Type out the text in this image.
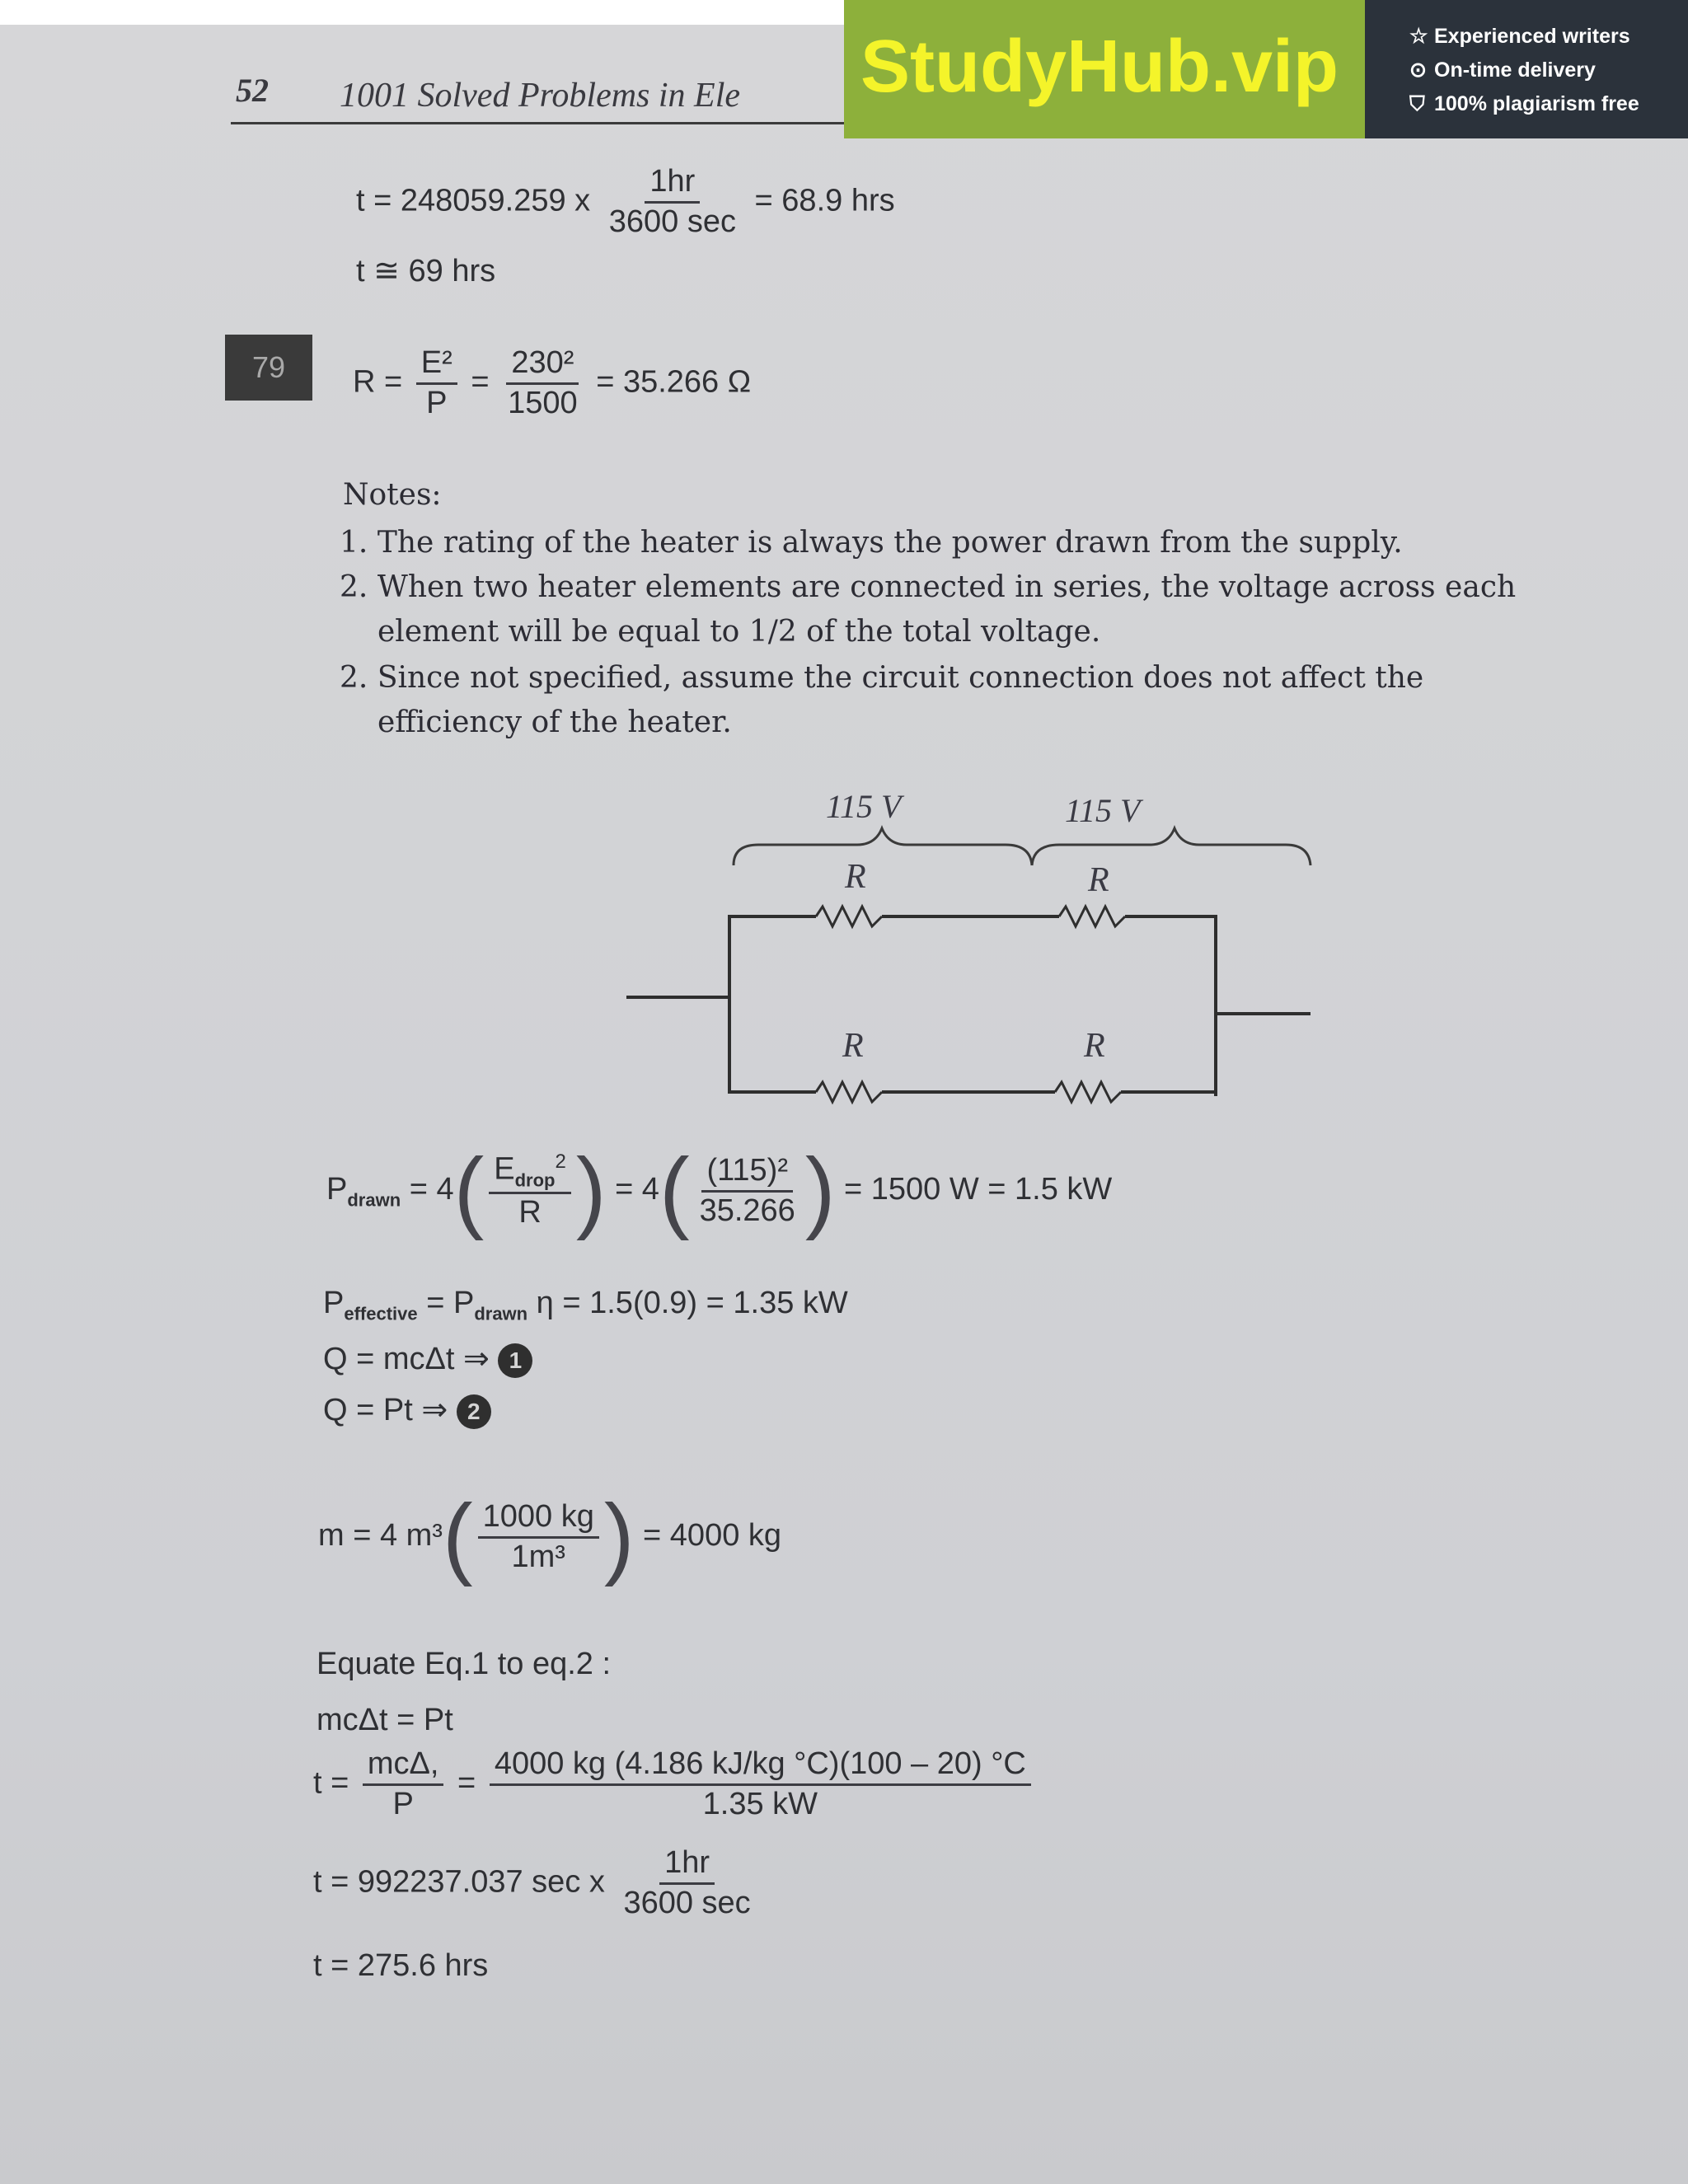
52 1001 Solved Problems in Ele StudyHub.vip	☆ Experienced writers
⊙ On-time delivery
⛉ 100% plagiarism free
t = 248059.259 x $\frac{1hr}{3600 \sec} = 68.9$ hrs
t ≅ 69 hrs
79	$R = \frac{\text{E²}}{P} = \frac{\text{230²}}{1500} = 35.266$ Ω
Notes:
1. The rating of the heater is always the power drawn from the supply.
2. When two heater elements are connected in series, the voltage across each
element will be equal to 1/2 of the total voltage.
2. Since not specified, assume the circuit connection does not affect the
efficiency of the heater.
115 V	115 V
R	R
R	R
$P_{drawn} = 4( \frac{E_{drop}^2}{R}$ ) = $4( \frac{\text{(115)²}}{35.266}$ ) = 1500 W = 1.5 kW
$P_{effective} = P_{drawn}$ η = 1.5(0.9) = 1.35 kW
Q = mcΔt ⇒ 1
Q = Pt ⇒ 2
m = 4 $m^3( \frac{1000 kg}{\text{1m³}}$ ) = 4000 kg
Equate Eq.1 to eq.2 :
mcΔt = Pt
$t = \frac{\text{mcΔ,}}{P} = \frac{4000 kg (4.186 kJ/kg ^\circ C)(100 - 20) ^\circ C}{1.35 kW}$
t = 992237.037 sec x $\frac{1hr}{3600 \sec}$
t = 275.6 hrs
